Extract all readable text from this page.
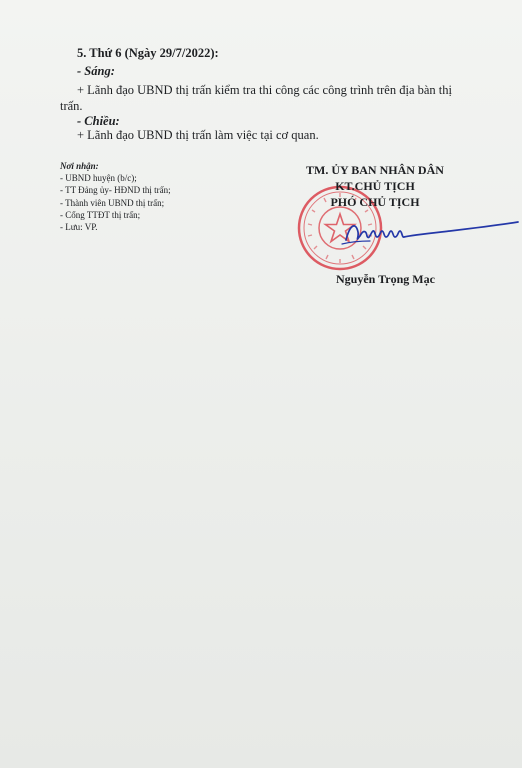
5. Thứ 6 (Ngày 29/7/2022):
- Sáng:
+ Lãnh đạo UBND thị trấn kiểm tra thi công các công trình trên địa bàn thị
trấn.
- Chiều:
+ Lãnh đạo UBND thị trấn làm việc tại cơ quan.
Nơi nhận:
- UBND huyện (b/c);
- TT Đảng ủy- HĐND thị trấn;
- Thành viên UBND thị trấn;
- Cổng TTĐT thị trấn;
- Lưu: VP.
TM. ỦY BAN NHÂN DÂN
KT.CHỦ TỊCH
PHÓ CHỦ TỊCH
Nguyễn Trọng Mạc
